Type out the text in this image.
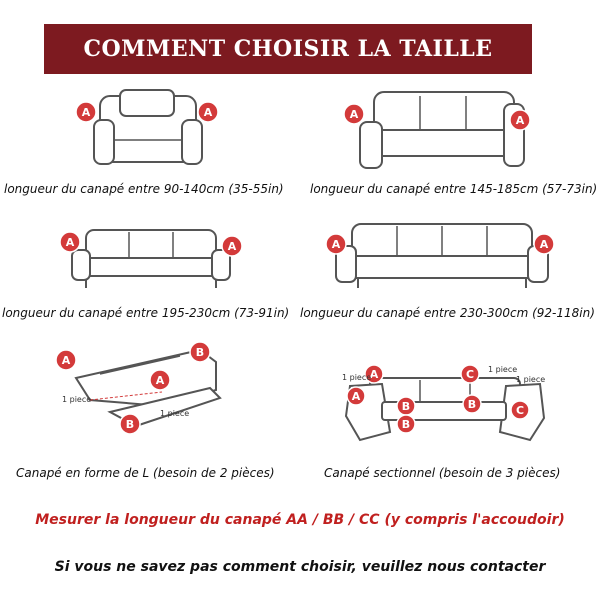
COMMENT CHOISIR LA TAILLE
A	A
longueur du canapé entre 90-140cm (35-55in)
A	A
longueur du canapé entre 145-185cm (57-73in)
A	A
longueur du canapé entre 195-230cm (73-91in)
A	A
longueur du canapé entre 230-300cm (92-118in)
A
A
B
B
1 piece
1 piece
Canapé en forme de L (besoin de 2 pièces)
A
A
B
B
C
B	C
1 piece
1 piece
1 piece
Canapé sectionnel (besoin de 3 pièces)
Mesurer la longueur du canapé AA / BB / CC (y compris l'accoudoir)
Si vous ne savez pas comment choisir, veuillez nous contacter
